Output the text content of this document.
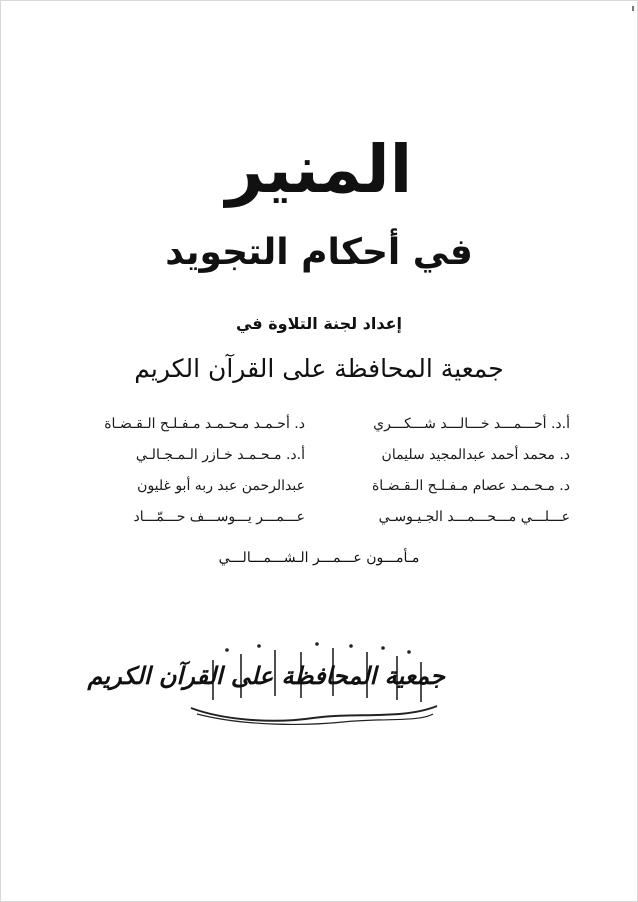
المنير
في أحكام التجويد
إعداد لجنة التلاوة في
جمعية المحافظة على القرآن الكريم
أ.د. أحـــمـــد خـــالـــد شـــكـــري
د. أحـمـد مـحـمـد مـفـلـح الـقـضـاة
د. محمد أحمد عبدالمجيد سليمان
أ.د. مـحـمـد خـازر الـمـجـالـي
د. مـحـمـد عصام مـفـلـح الـقـضـاة
عبدالرحمن عبد ربه أبو غليون
عـــلـــي مـــحـــمـــد الجـيـوسـي
عـــمـــر يـــوســـف حـــمّـــاد
مـأمـــون عـــمـــر الـشـــمـــالـــي
جمعية المحافظة على القرآن الكريم
